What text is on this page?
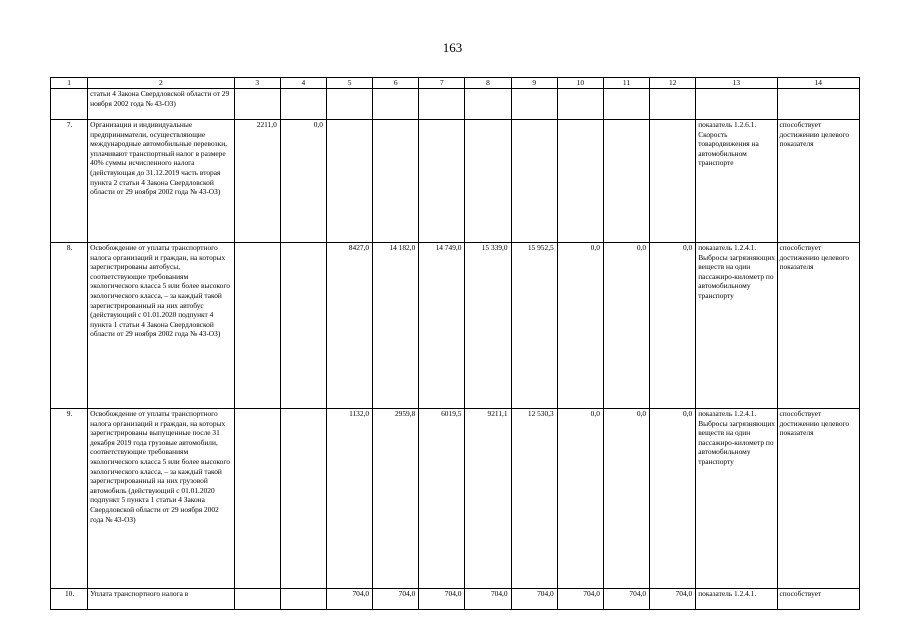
163
1	2	3	4	5	6	7	8	9	10	11	12	13	14
	статьи 4 Закона Свердловской области от 29 ноября 2002 года № 43-ОЗ)												
7.	Организации и индивидуальные предприниматели, осуществляющие международные автомобильные перевозки, уплачивают транспортный налог в размере 40% суммы исчисленного налога (действующая до 31.12.2019 часть вторая пункта 2 статьи 4 Закона Свердловской области от 29 ноября 2002 года № 43-ОЗ)	2211,0	0,0									показатель 1.2.6.1. Скорость товародвижения на автомобильном транспорте	способствует достижению целевого показателя
8.	Освобождение от уплаты транспортного налога организаций и граждан, на которых зарегистрированы автобусы, соответствующие требованиям экологического класса 5 или более высокого экологического класса, – за каждый такой зарегистрированный на них автобус (действующий с 01.01.2020 подпункт 4 пункта 1 статьи 4 Закона Свердловской области от 29 ноября 2002 года № 43-ОЗ)			8427,0	14 182,0	14 749,0	15 339,0	15 952,5	0,0	0,0	0,0	показатель 1.2.4.1. Выбросы загрязняющих веществ на один пассажиро-километр по автомобильному транспорту	способствует достижению целевого показателя
9.	Освобождение от уплаты транспортного налога организаций и граждан, на которых зарегистрированы выпущенные после 31 декабря 2019 года грузовые автомобили, соответствующие требованиям экологического класса 5 или более высокого экологического класса, – за каждый такой зарегистрированный на них грузовой автомобиль (действующий с 01.01.2020 подпункт 5 пункта 1 статьи 4 Закона Свердловской области от 29 ноября 2002 года № 43-ОЗ)			1132,0	2959,8	6019,5	9211,1	12 530,3	0,0	0,0	0,0	показатель 1.2.4.1. Выбросы загрязняющих веществ на один пассажиро-километр по автомобильному транспорту	способствует достижению целевого показателя
10.	Уплата транспортного налога в			704,0	704,0	704,0	704,0	704,0	704,0	704,0	704,0	показатель 1.2.4.1.	способствует
